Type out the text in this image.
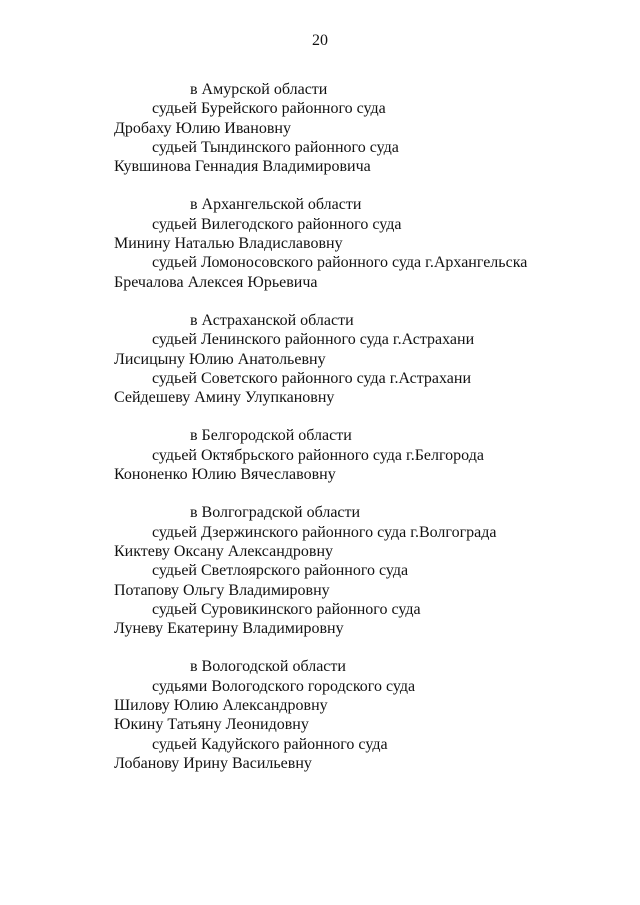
20
в Амурской области
судьей Бурейского районного суда
Дробаху Юлию Ивановну
судьей Тындинского районного суда
Кувшинова Геннадия Владимировича
в Архангельской области
судьей Вилегодского районного суда
Минину Наталью Владиславовну
судьей Ломоносовского районного суда г.Архангельска
Бречалова Алексея Юрьевича
в Астраханской области
судьей Ленинского районного суда г.Астрахани
Лисицыну Юлию Анатольевну
судьей Советского районного суда г.Астрахани
Сейдешеву Амину Улупкановну
в Белгородской области
судьей Октябрьского районного суда г.Белгорода
Кононенко Юлию Вячеславовну
в Волгоградской области
судьей Дзержинского районного суда г.Волгограда
Киктеву Оксану Александровну
судьей Светлоярского районного суда
Потапову Ольгу Владимировну
судьей Суровикинского районного суда
Луневу Екатерину Владимировну
в Вологодской области
судьями Вологодского городского суда
Шилову Юлию Александровну
Юкину Татьяну Леонидовну
судьей Кадуйского районного суда
Лобанову Ирину Васильевну
